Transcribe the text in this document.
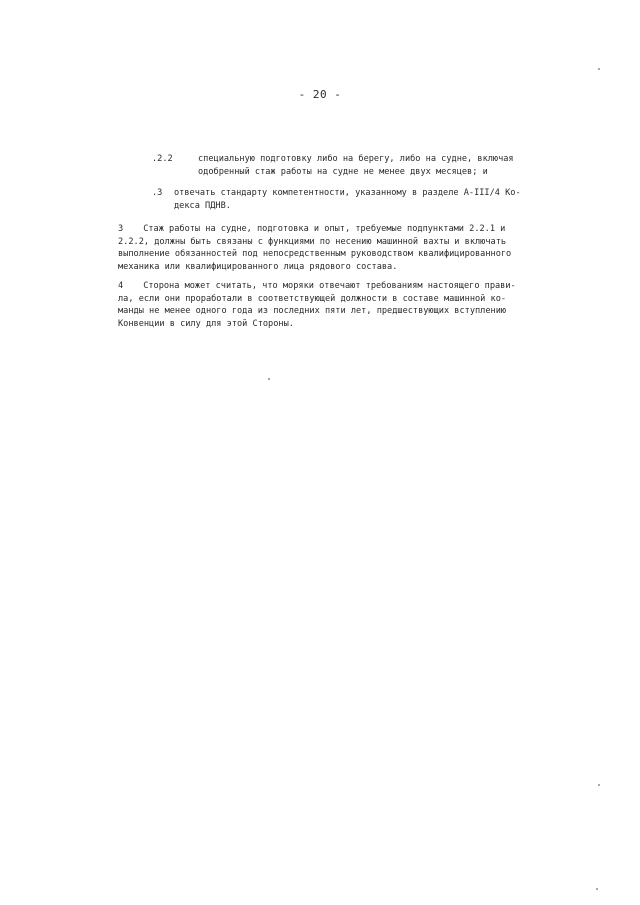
- 20 -
.2.2	специальную подготовку либо на берегу, либо на судне, включая
одобренный стаж работы на судне не менее двух месяцев; и
.3 отвечать стандарту компетентности, указанному в разделе A-III/4 Ко-
декса ПДНВ.
3 Стаж работы на судне, подготовка и опыт, требуемые подпунктами 2.2.1 и
2.2.2, должны быть связаны с функциями по несению машинной вахты и включать
выполнение обязанностей под непосредственным руководством квалифицированного
механика или квалифицированного лица рядового состава.
4 Сторона может считать, что моряки отвечают требованиям настоящего прави-
ла, если они проработали в соответствующей должности в составе машинной ко-
манды не менее одного года из последних пяти лет, предшествующих вступлению
Конвенции в силу для этой Стороны.
